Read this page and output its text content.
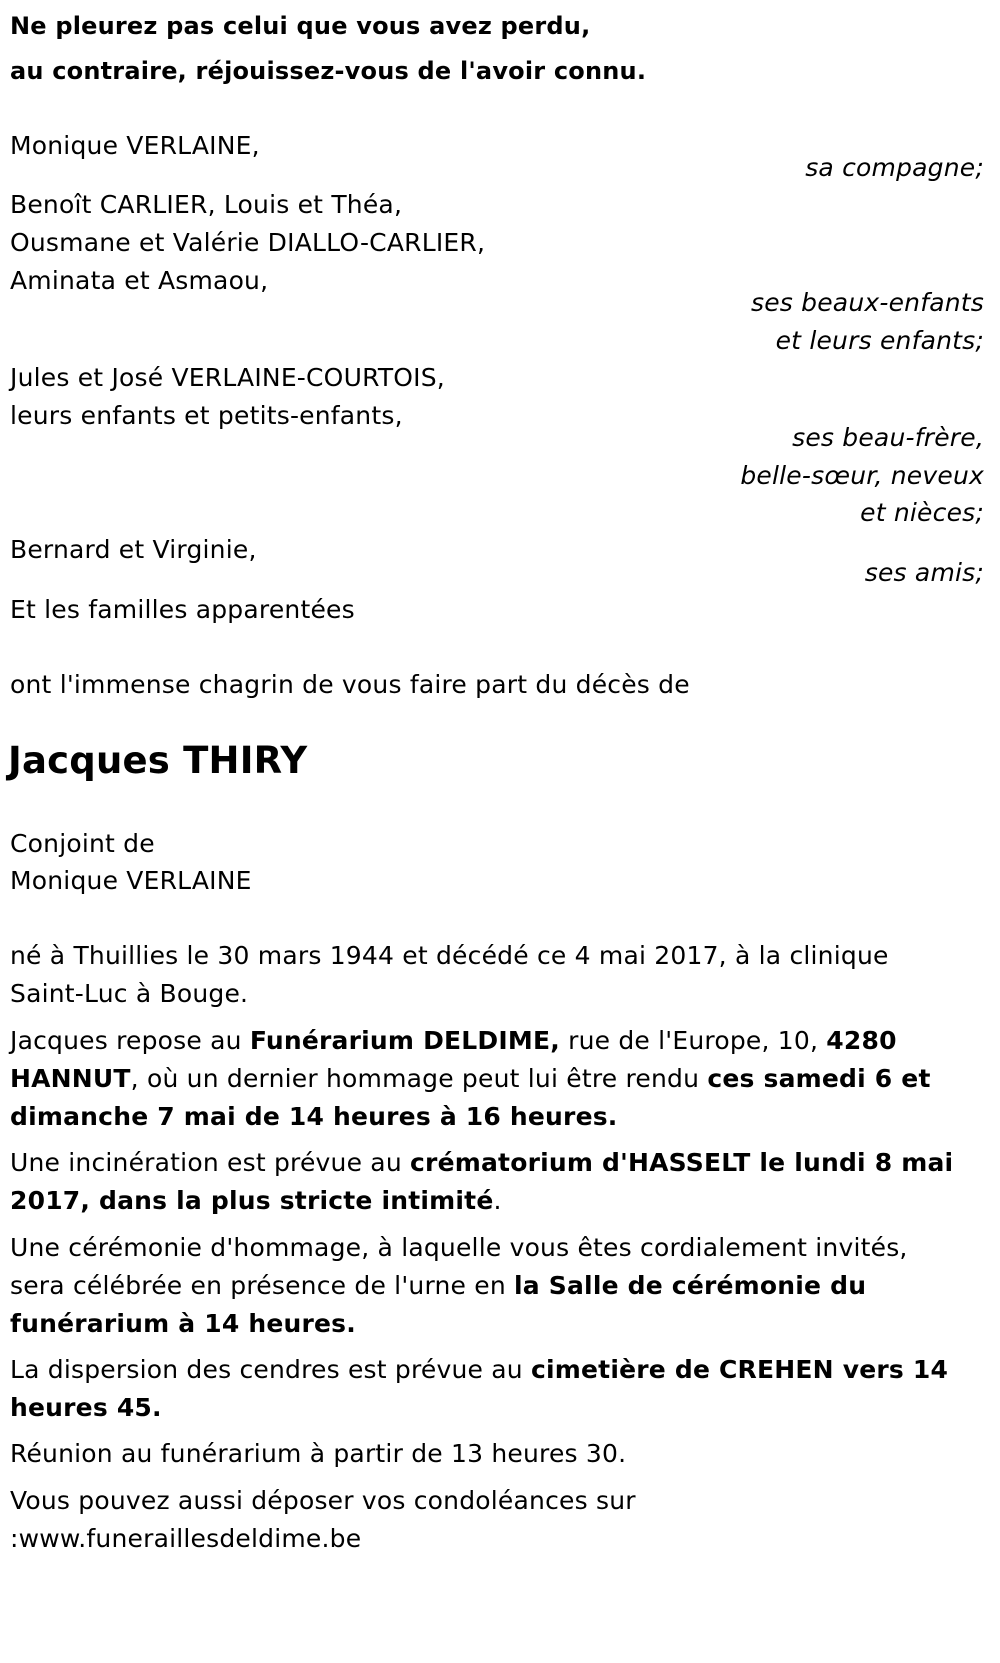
Ne pleurez pas celui que vous avez perdu,
au contraire, réjouissez-vous de l'avoir connu.
Monique VERLAINE,
sa compagne;
Benoît CARLIER, Louis et Théa,
Ousmane et Valérie DIALLO-CARLIER,
Aminata et Asmaou,
ses beaux-enfants
et leurs enfants;
Jules et José VERLAINE-COURTOIS,
leurs enfants et petits-enfants,
ses beau-frère,
belle-sœur, neveux
et nièces;
Bernard et Virginie,
ses amis;
Et les familles apparentées
ont l'immense chagrin de vous faire part du décès de
Jacques THIRY
Conjoint de
Monique VERLAINE
né à Thuillies le 30 mars 1944 et décédé ce 4 mai 2017, à la clinique
Saint-Luc à Bouge.
Jacques repose au Funérarium DELDIME, rue de l'Europe, 10, 4280
HANNUT, où un dernier hommage peut lui être rendu ces samedi 6 et
dimanche 7 mai de 14 heures à 16 heures.
Une incinération est prévue au crématorium d'HASSELT le lundi 8 mai
2017, dans la plus stricte intimité.
Une cérémonie d'hommage, à laquelle vous êtes cordialement invités,
sera célébrée en présence de l'urne en la Salle de cérémonie du
funérarium à 14 heures.
La dispersion des cendres est prévue au cimetière de CREHEN vers 14
heures 45.
Réunion au funérarium à partir de 13 heures 30.
Vous pouvez aussi déposer vos condoléances sur
:www.funeraillesdeldime.be
